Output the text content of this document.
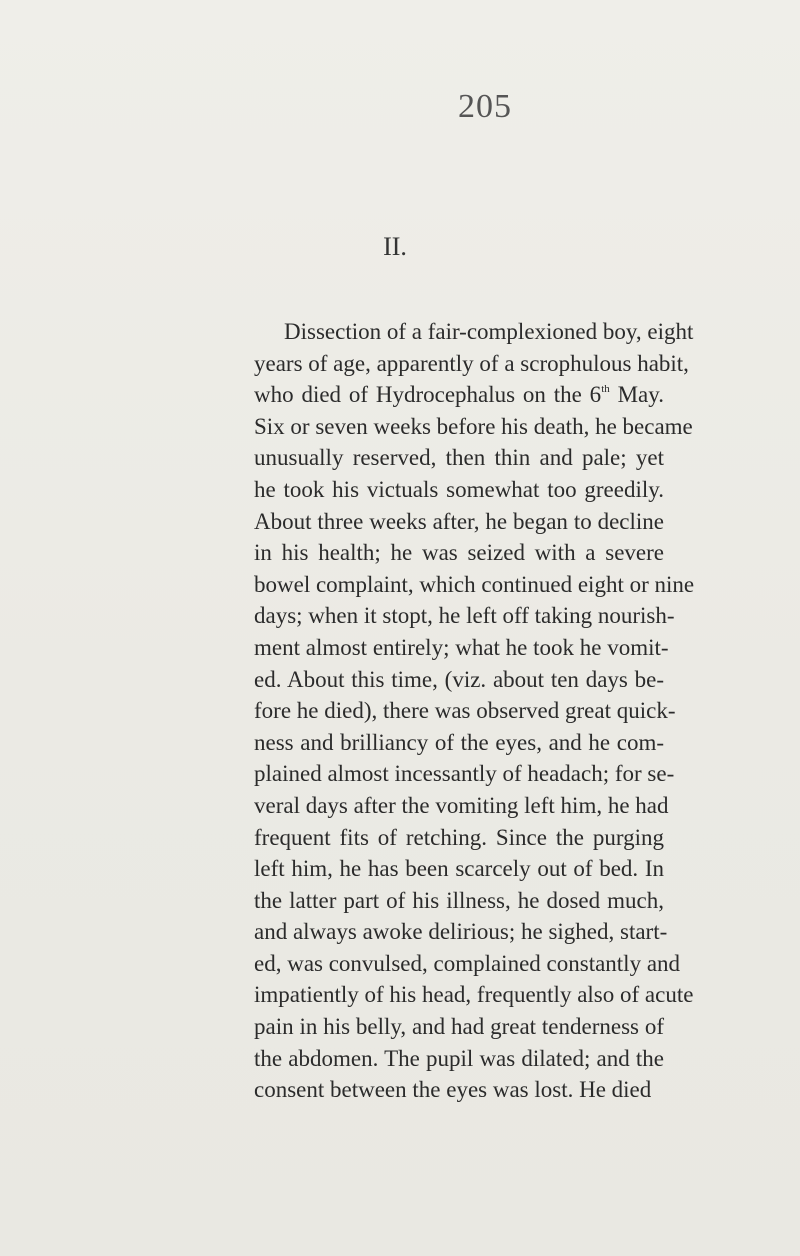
205
II.
Dissection of a fair-complexioned boy, eight
years of age, apparently of a scrophulous habit,
who died of Hydrocephalus on the 6th May.
Six or seven weeks before his death, he became
unusually reserved, then thin and pale; yet
he took his victuals somewhat too greedily.
About three weeks after, he began to decline
in his health; he was seized with a severe
bowel complaint, which continued eight or nine
days; when it stopt, he left off taking nourish-
ment almost entirely; what he took he vomit-
ed. About this time, (viz. about ten days be-
fore he died), there was observed great quick-
ness and brilliancy of the eyes, and he com-
plained almost incessantly of headach; for se-
veral days after the vomiting left him, he had
frequent fits of retching. Since the purging
left him, he has been scarcely out of bed. In
the latter part of his illness, he dosed much,
and always awoke delirious; he sighed, start-
ed, was convulsed, complained constantly and
impatiently of his head, frequently also of acute
pain in his belly, and had great tenderness of
the abdomen. The pupil was dilated; and the
consent between the eyes was lost. He died
